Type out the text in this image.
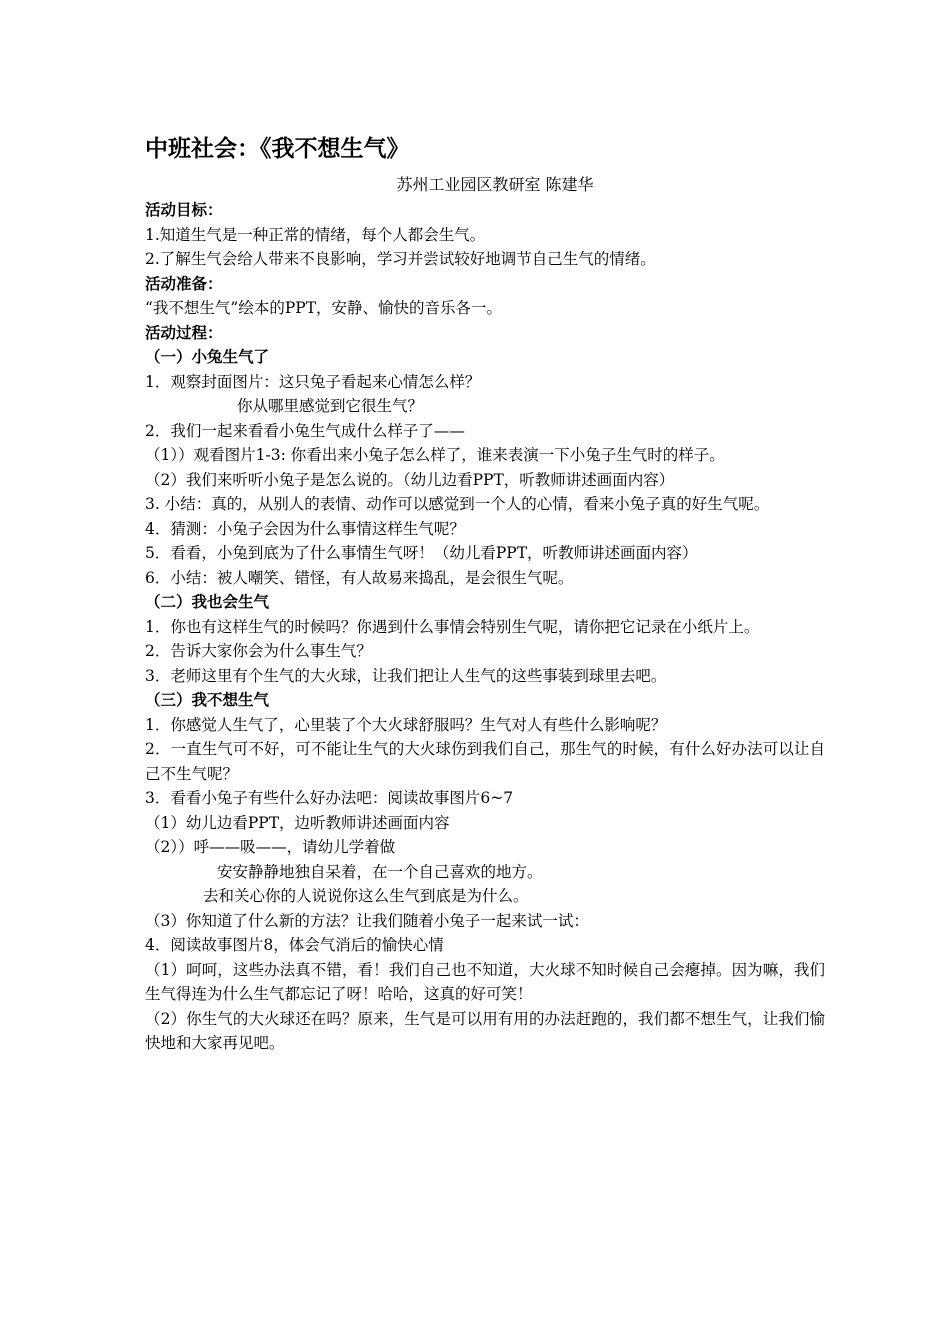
中班社会：《我不想生气》
苏州工业园区教研室 陈建华
活动目标：
1.知道生气是一种正常的情绪，每个人都会生气。
2.了解生气会给人带来不良影响，学习并尝试较好地调节自己生气的情绪。
活动准备：
“我不想生气”绘本的PPT，安静、愉快的音乐各一。
活动过程：
（一）小兔生气了
1．观察封面图片：这只兔子看起来心情怎么样？
你从哪里感觉到它很生气？
2．我们一起来看看小兔生气成什么样子了——
（1））观看图片1-3: 你看出来小兔子怎么样了，谁来表演一下小兔子生气时的样子。
（2）我们来听听小兔子是怎么说的。（幼儿边看PPT，听教师讲述画面内容）
3. 小结：真的，从别人的表情、动作可以感觉到一个人的心情，看来小兔子真的好生气呢。
4．猜测：小兔子会因为什么事情这样生气呢？
5．看看，小兔到底为了什么事情生气呀！（幼儿看PPT，听教师讲述画面内容）
6．小结：被人嘲笑、错怪，有人故易来捣乱，是会很生气呢。
（二）我也会生气
1．你也有这样生气的时候吗？你遇到什么事情会特别生气呢，请你把它记录在小纸片上。
2．告诉大家你会为什么事生气？
3．老师这里有个生气的大火球，让我们把让人生气的这些事装到球里去吧。
（三）我不想生气
1．你感觉人生气了，心里装了个大火球舒服吗？生气对人有些什么影响呢？
2．一直生气可不好，可不能让生气的大火球伤到我们自己，那生气的时候，有什么好办法可以让自己不生气呢？
3．看看小兔子有些什么好办法吧：阅读故事图片6~7
（1）幼儿边看PPT，边听教师讲述画面内容
（2））呼——吸——，请幼儿学着做
安安静静地独自呆着，在一个自己喜欢的地方。
去和关心你的人说说你这么生气到底是为什么。
（3）你知道了什么新的方法？让我们随着小兔子一起来试一试：
4．阅读故事图片8，体会气消后的愉快心情
（1）呵呵，这些办法真不错，看！我们自己也不知道，大火球不知时候自己会瘪掉。因为嘛，我们生气得连为什么生气都忘记了呀！哈哈，这真的好可笑！
（2）你生气的大火球还在吗？原来，生气是可以用有用的办法赶跑的，我们都不想生气，让我们愉快地和大家再见吧。
